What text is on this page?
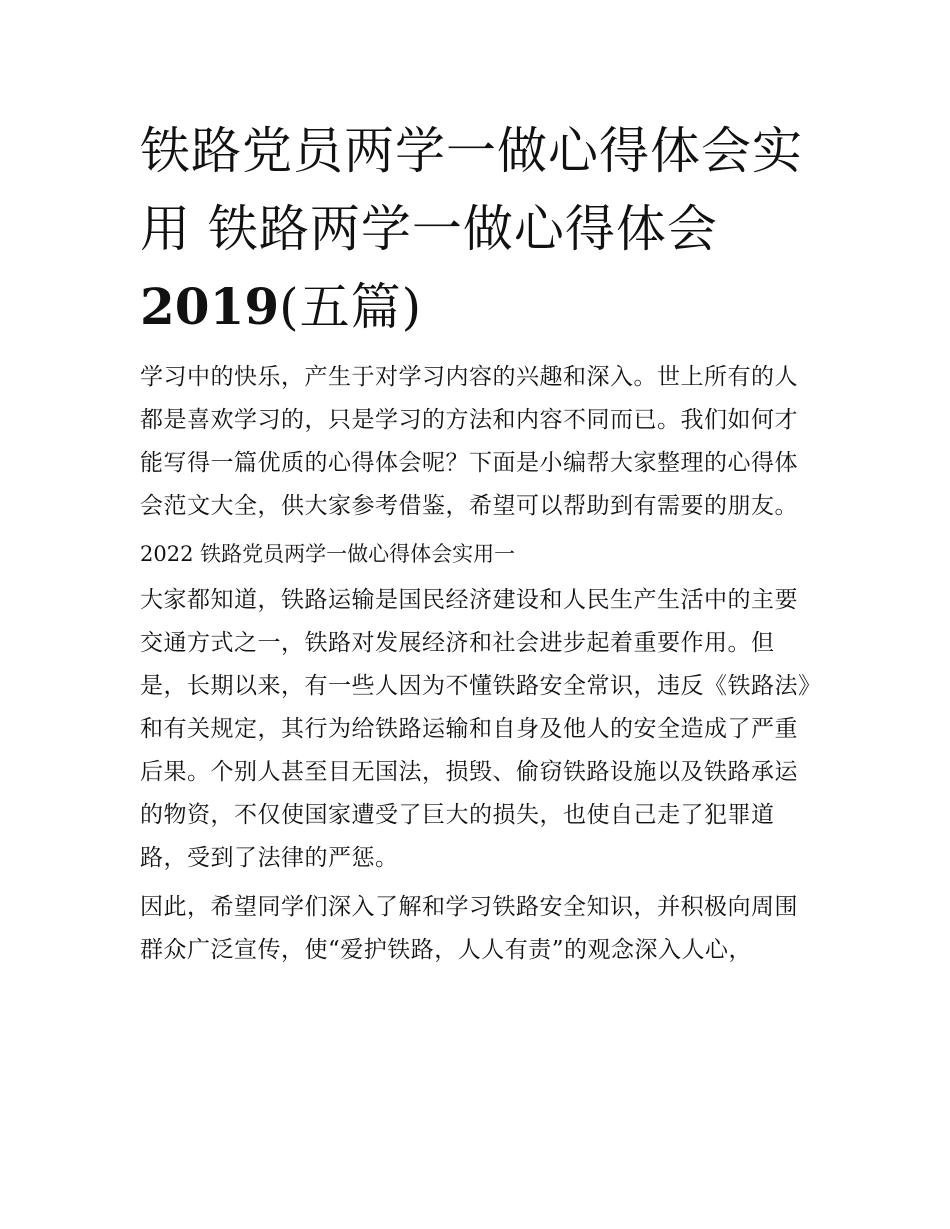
铁路党员两学一做心得体会实
用 铁路两学一做心得体会
2019(五篇)

学习中的快乐，产生于对学习内容的兴趣和深入。世上所有的人都是喜欢学习的，只是学习的方法和内容不同而已。我们如何才能写得一篇优质的心得体会呢？下面是小编帮大家整理的心得体会范文大全，供大家参考借鉴，希望可以帮助到有需要的朋友。

2022 铁路党员两学一做心得体会实用一

大家都知道，铁路运输是国民经济建设和人民生产生活中的主要交通方式之一，铁路对发展经济和社会进步起着重要作用。但是，长期以来，有一些人因为不懂铁路安全常识，违反《铁路法》和有关规定，其行为给铁路运输和自身及他人的安全造成了严重后果。个别人甚至目无国法，损毁、偷窃铁路设施以及铁路承运的物资，不仅使国家遭受了巨大的损失，也使自己走了犯罪道路，受到了法律的严惩。

因此，希望同学们深入了解和学习铁路安全知识，并积极向周围群众广泛宣传，使“爱护铁路，人人有责”的观念深入人心，
